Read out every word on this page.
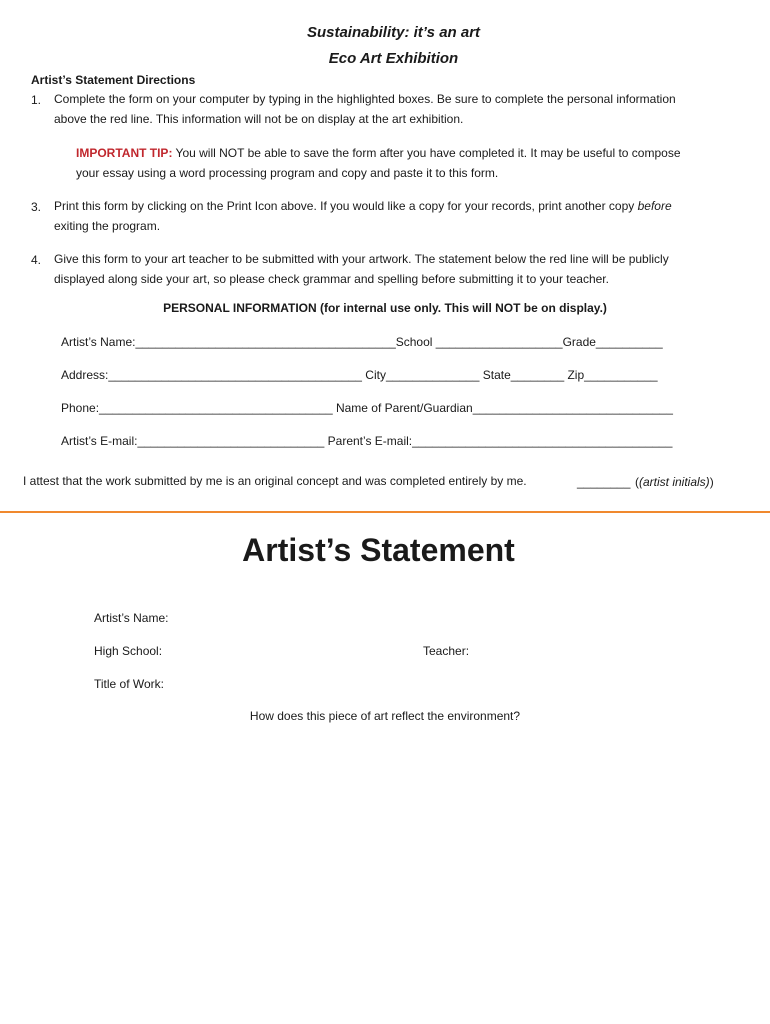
Sustainability: it’s an art
Eco Art Exhibition
Artist’s Statement Directions
1. Complete the form on your computer by typing in the highlighted boxes. Be sure to complete the personal information
above the red line. This information will not be on display at the art exhibition.
IMPORTANT TIP: You will NOT be able to save the form after you have completed it. It may be useful to compose
your essay using a word processing program and copy and paste it to this form.
3. Print this form by clicking on the Print Icon above. If you would like a copy for your records, print another copy before
exiting the program.
4. Give this form to your art teacher to be submitted with your artwork. The statement below the red line will be publicly
displayed along side your art, so please check grammar and spelling before submitting it to your teacher.
PERSONAL INFORMATION (for internal use only. This will NOT be on display.)
Artist’s Name:_______________________________________School ___________________Grade__________
Address:______________________________________ City______________ State________ Zip___________
Phone:___________________________________ Name of Parent/Guardian______________________________
Artist’s E-mail:____________________________ Parent’s E-mail:_______________________________________
I attest that the work submitted by me is an original concept and was completed entirely by me.	________ ((artist initials))
Artist’s Statement
Artist’s Name:
High School:	Teacher:
Title of Work:
How does this piece of art reflect the environment?
